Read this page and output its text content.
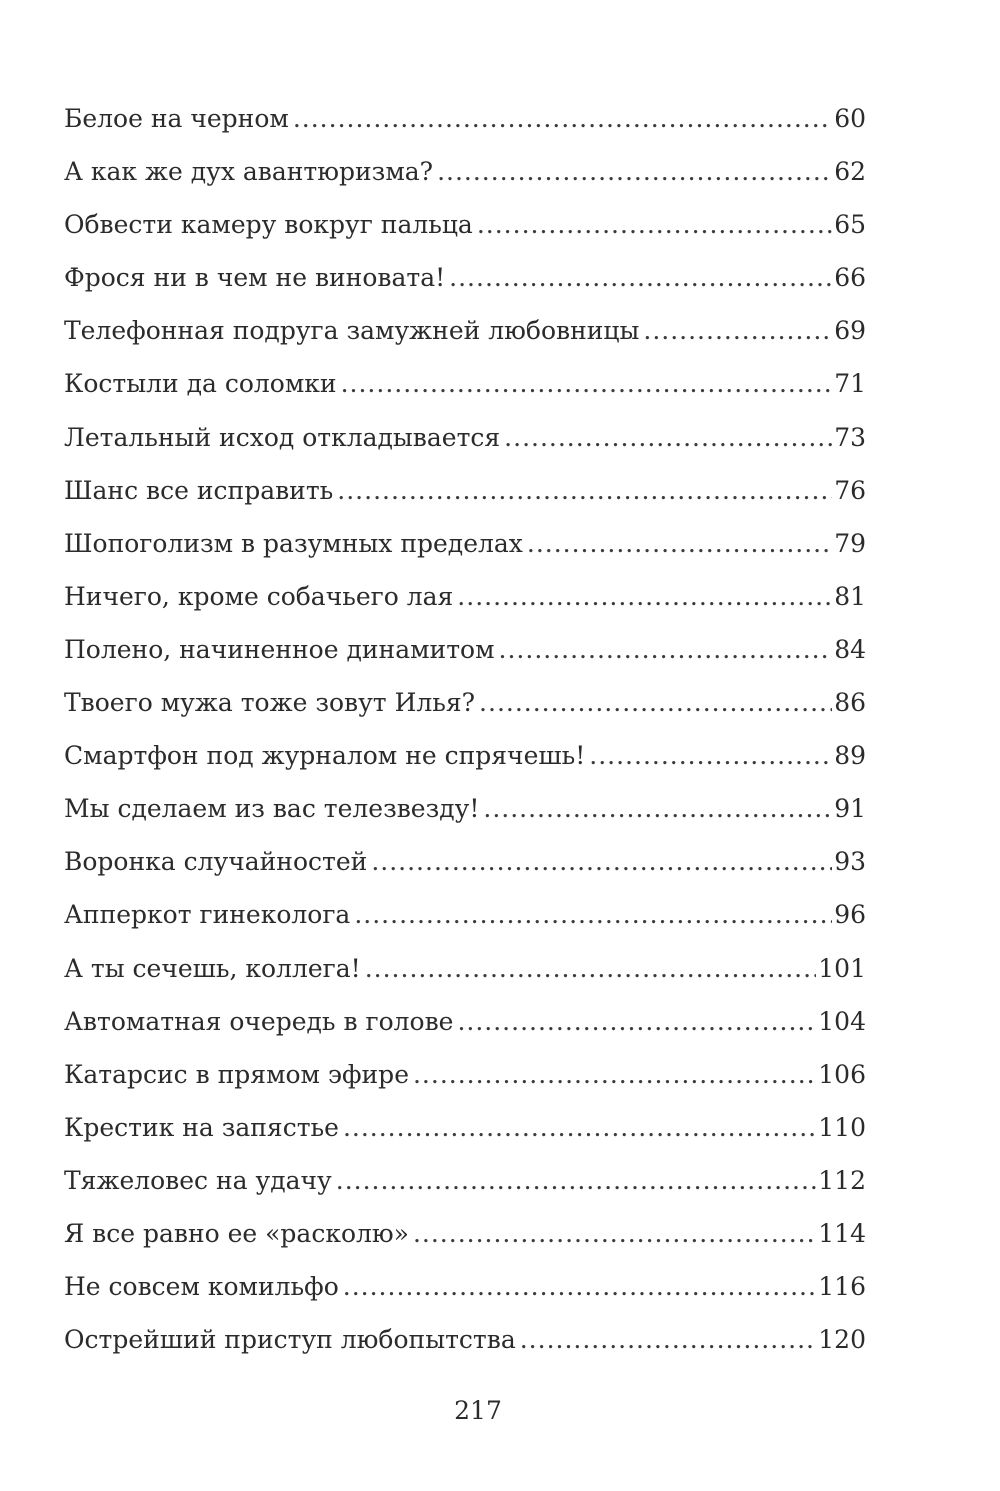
Белое на черном .....	60
А как же дух авантюризма? .....	62
Обвести камеру вокруг пальца .....	65
Фрося ни в чем не виновата! .....	66
Телефонная подруга замужней любовницы .....	69
Костыли да соломки .....	71
Летальный исход откладывается .....	73
Шанс все исправить .....	76
Шопоголизм в разумных пределах .....	79
Ничего, кроме собачьего лая .....	81
Полено, начиненное динамитом .....	84
Твоего мужа тоже зовут Илья? .....	86
Смартфон под журналом не спрячешь! .....	89
Мы сделаем из вас телезвезду! .....	91
Воронка случайностей .....	93
Апперкот гинеколога .....	96
А ты сечешь, коллега! .....	101
Автоматная очередь в голове .....	104
Катарсис в прямом эфире .....	106
Крестик на запястье .....	110
Тяжеловес на удачу .....	112
Я все равно ее «расколю» .....	114
Не совсем комильфо .....	116
Острейший приступ любопытства .....	120
217
